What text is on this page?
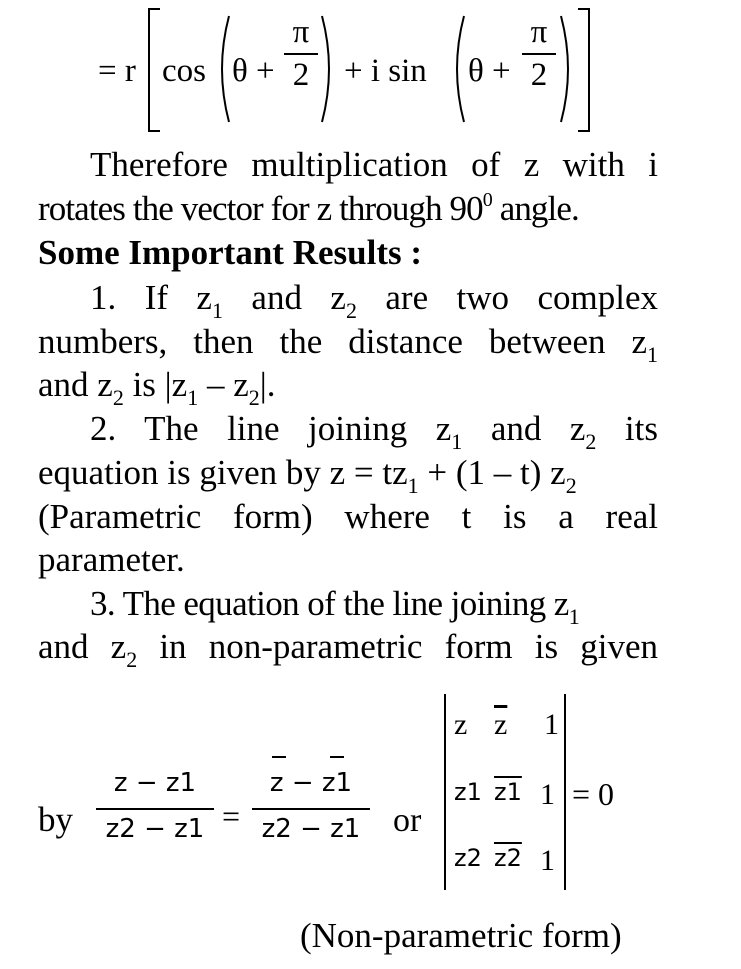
= r cos θ +
π
2 + i sin θ +
π
2
Therefore multiplication of z with i
rotates the vector for z through $90^0$ angle.
Some Important Results :
1. If $z_1$ and $z_2$ are two complex
numbers, then the distance between $z_1$
and $z_2$ is $|z_1 - z_2|$.
2. The line joining $z_1$ and $z_2$ its
equation is given by $z = tz_1 + (1 - t)$ $z_2$
(Parametric form) where t is a real
parameter.
3. The equation of the line joining $z_1$
and $z_2$ in non-parametric form is given
by
z − z1
z2 − z1 =
z − z1
z2 − z1 or
z $\overline{z}$ 1
z1 z1 1
z2 z2 1
= 0
(Non-parametric form)
